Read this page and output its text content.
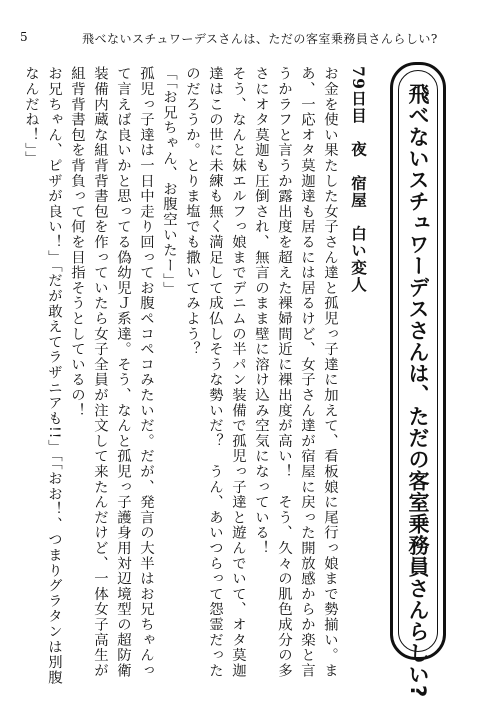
5	飛べないスチュワーデスさんは、ただの客室乗務員さんらしい?

79日目　夜　宿屋　白い変人

お金を使い果たした女子さん達と孤児っ子達に加えて、看板娘に尾行っ娘まで勢揃い。まあ、一応オタ莫迦達も居るには居るけど、女子さん達が宿屋に戻った開放感からか楽と言うかラフと言うか露出度を超えた裸婦間近に裸出度が高い！　そう、久々の肌色成分の多さにオタ莫迦も圧倒され、無言のまま壁に溶け込み空気になっている！

そう、なんと妹エルフっ娘までデニムの半パン装備で孤児っ子達と遊んでいて、オタ莫迦達はこの世に未練も無く満足して成仏しそうな勢いだ？　うん、あいつらって怨霊だったのだろうか。とりま塩でも撒いてみよう？

「「お兄ちゃん、お腹空いたー」」

孤児っ子達は一日中走り回ってお腹ペコペコみたいだ。だが、発言の大半はお兄ちゃんって言えば良いかと思ってる偽幼児Ｊ系達。そう、なんと孤児っ子護身用対辺境型の超防衛装備内蔵な組背背書包を作っていたら女子全員が注文して来たんだけど、一体女子高生が組背背書包を背負って何を目指そうとしているの！

お兄ちゃん、ピザが良い！」「だが敢えてラザニアも!!」「「おお！、つまりグラタンは別腹なんだね！」」	飛べないスチュワーデスさんは、ただの客室乗務員さんらしい?
